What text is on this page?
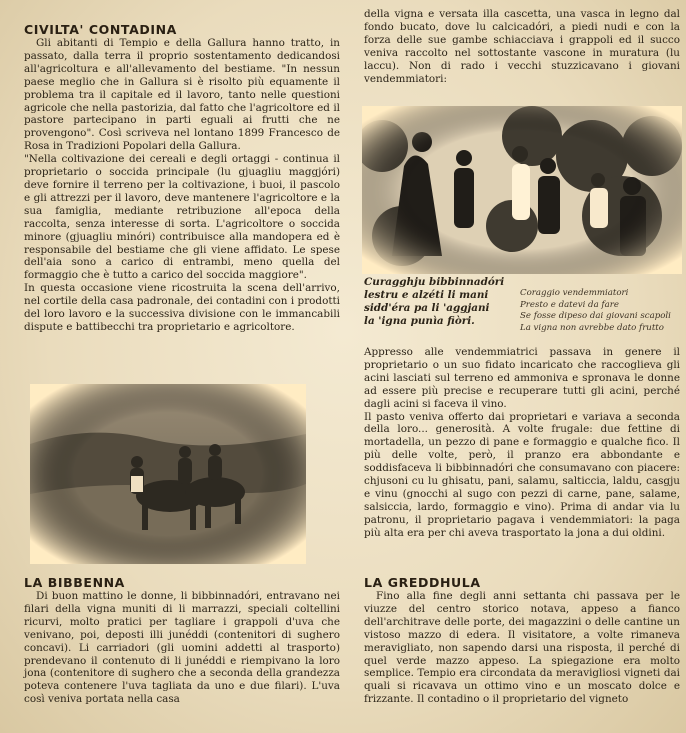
CIVILTA' CONTADINA

Gli abitanti di Tempio e della Gallura hanno tratto, in passato, dalla terra il proprio sostentamento dedicandosi all'agricoltura e all'allevamento del bestiame. "In nessun paese meglio che in Gallura si è risolto più equamente il problema tra il capitale ed il lavoro, tanto nelle questioni agricole che nella pastorizia, dal fatto che l'agricoltore ed il pastore partecipano in parti eguali ai frutti che ne provengono". Così scriveva nel lontano 1899 Francesco de Rosa in Tradizioni Popolari della Gallura.

"Nella coltivazione dei cereali e degli ortaggi - continua il proprietario o soccida principale (lu gjuagliu maggjóri) deve fornire il terreno per la coltivazione, i buoi, il pascolo e gli attrezzi per il lavoro, deve mantenere l'agricoltore e la sua famiglia, mediante retribuzione all'epoca della raccolta, senza interesse di sorta. L'agricoltore o soccida minore (gjuagliu minóri) contribuisce alla mandopera ed è responsabile del bestiame che gli viene affidato. Le spese dell'aia sono a carico di entrambi, meno quella del formaggio che è tutto a carico del soccida maggiore".

In questa occasione viene ricostruita la scena dell'arrivo, nel cortile della casa padronale, dei contadini con i prodotti del loro lavoro e la successiva divisione con le immancabili dispute e battibecchi tra proprietario e agricoltore.

LA BIBBENNA

Di buon mattino le donne, li bibbinnadóri, entravano nei filari della vigna muniti di li marrazzi, speciali coltellini ricurvi, molto pratici per tagliare i grappoli d'uva che venivano, poi, deposti illi junéddi (contenitori di sughero concavi). Li carriadori (gli uomini addetti al trasporto) prendevano il contenuto di li junéddi e riempivano la loro jona (contenitore di sughero che a seconda della grandezza poteva contenere l'uva tagliata da uno e due filari). L'uva così veniva portata nella casa

della vigna e versata illa cascetta, una vasca in legno dal fondo bucato, dove lu calcicadóri, a piedi nudi e con la forza delle sue gambe schiacciava i grappoli ed il succo veniva raccolto nel sottostante vascone in muratura (lu laccu). Non di rado i vecchi stuzzicavano i giovani vendemmiatori:

Curagghju bibbinnadóri

lestru e alzéti li mani

sidd'éra pa li 'aggjani

la 'igna punìa fiòri.

Coraggio vendemmiatori

Presto e datevi da fare

Se fosse dipeso dai giovani scapoli

La vigna non avrebbe dato frutto

Appresso alle vendemmiatrici passava in genere il proprietario o un suo fidato incaricato che raccoglieva gli acini lasciati sul terreno ed ammoniva e spronava le donne ad essere più precise e recuperare tutti gli acini, perché dagli acini si faceva il vino.

Il pasto veniva offerto dai proprietari e variava a seconda della loro... generosità. A volte frugale: due fettine di mortadella, un pezzo di pane e formaggio e qualche fico. Il più delle volte, però, il pranzo era abbondante e soddisfaceva li bibbinnadóri che consumavano con piacere: chjusoni cu lu ghisatu, pani, salamu, salticcia, laldu, casgju e vinu (gnocchi al sugo con pezzi di carne, pane, salame, salsiccia, lardo, formaggio e vino). Prima di andar via lu patronu, il proprietario pagava i vendemmiatori: la paga più alta era per chi aveva trasportato la jona a dui oldini.

LA GREDDHULA

Fino alla fine degli anni settanta chi passava per le viuzze del centro storico notava, appeso a fianco dell'architrave delle porte, dei magazzini o delle cantine un vistoso mazzo di edera. Il visitatore, a volte rimaneva meravigliato, non sapendo darsi una risposta, il perché di quel verde mazzo appeso. La spiegazione era molto semplice. Tempio era circondata da meravigliosi vigneti dai quali si ricavava un ottimo vino e un moscato dolce e frizzante. Il contadino o il proprietario del vigneto
